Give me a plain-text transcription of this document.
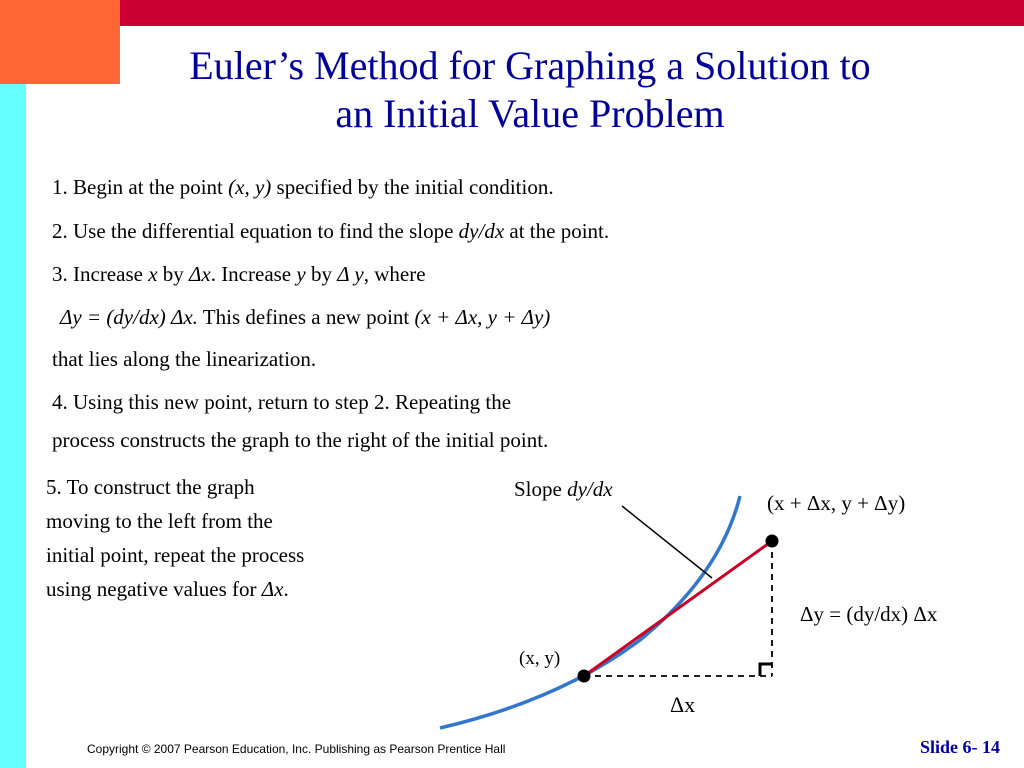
Euler’s Method for Graphing a Solution to
an Initial Value Problem
1. Begin at the point (x, y) specified by the initial condition.
2. Use the differential equation to find the slope dy/dx at the point.
3. Increase x by Δx. Increase y by Δ y, where
Δy = (dy/dx) Δx. This defines a new point (x + Δx, y + Δy)
that lies along the linearization.
4. Using this new point, return to step 2. Repeating the
process constructs the graph to the right of the initial point.
5. To construct the graph
moving to the left from the
initial point, repeat the process
using negative values for Δx.
Slope dy/dx
(x + Δx, y + Δy)
Δy = (dy/dx) Δx
(x, y)
Δx
Copyright © 2007 Pearson Education, Inc. Publishing as Pearson Prentice Hall	Slide 6- 14
